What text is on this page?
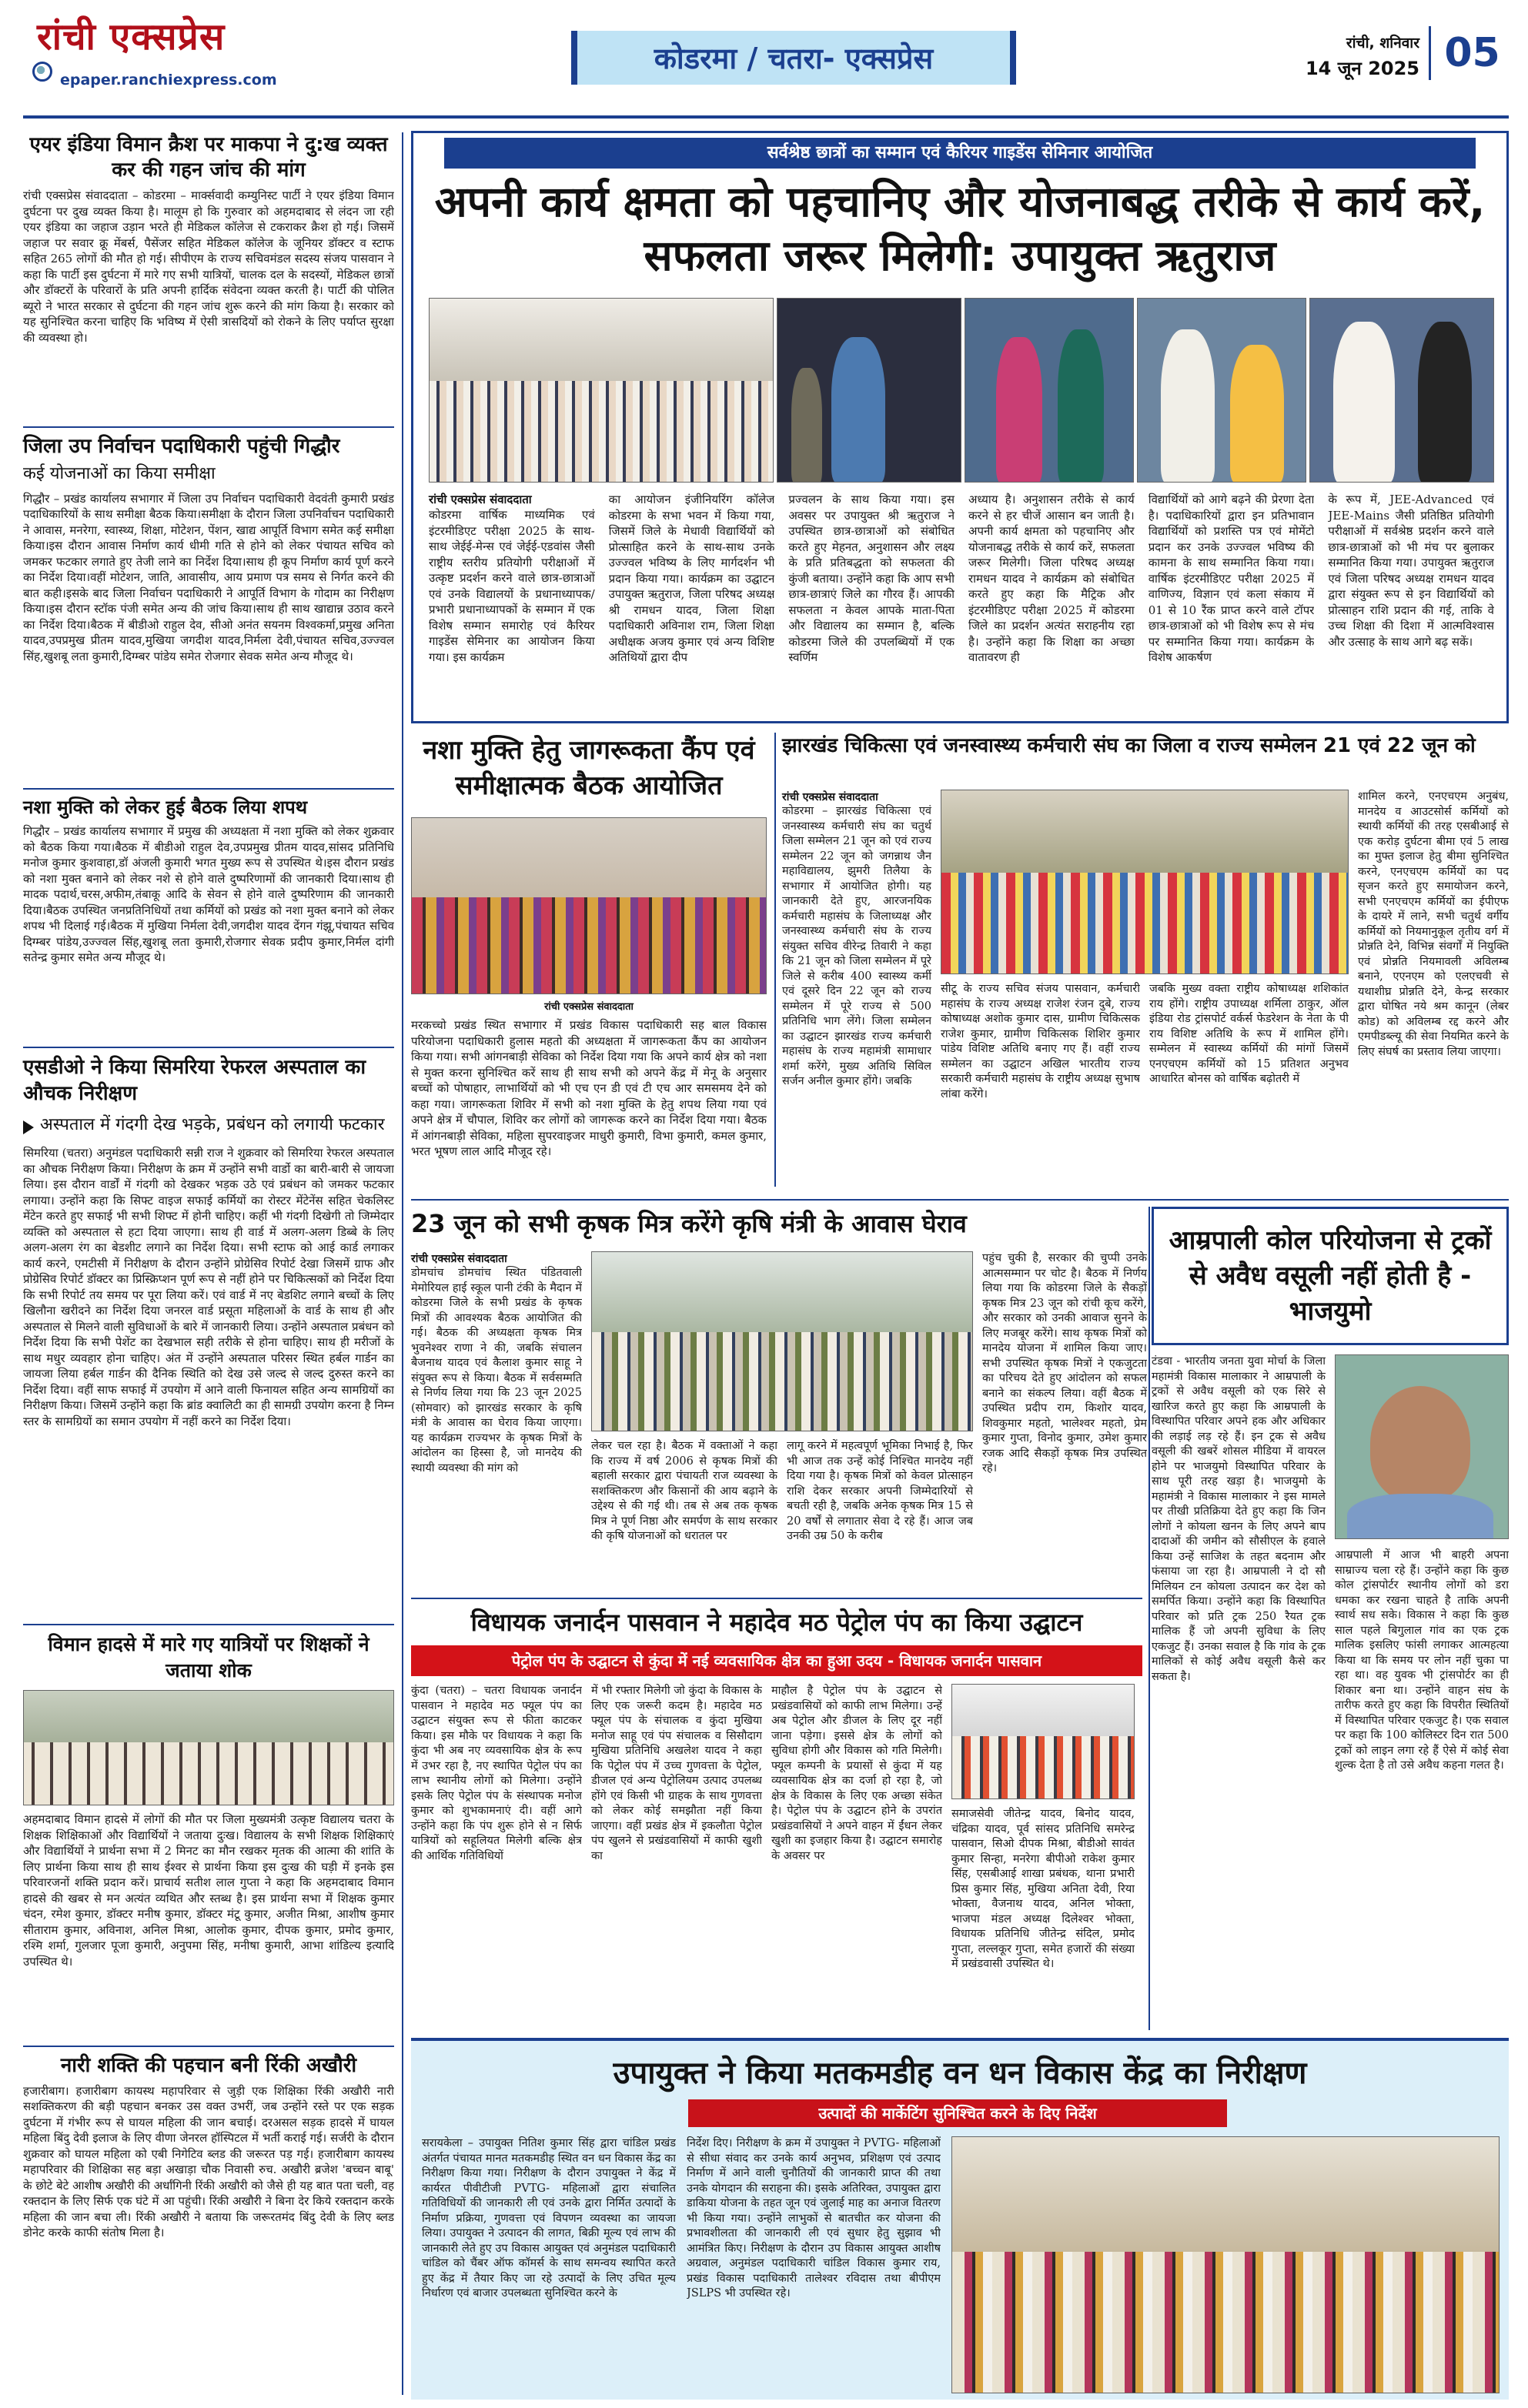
रांची एक्सप्रेस
epaper.ranchiexpress.com
कोडरमा / चतरा- एक्सप्रेस	रांची, शनिवार
14 जून 2025 05
एयर इंडिया विमान क्रैश पर माकपा ने दु:ख व्यक्त कर की गहन जांच की मांग
रांची एक्सप्रेस संवाददाता – कोडरमा – मार्क्सवादी कम्युनिस्ट पार्टी ने एयर इंडिया विमान दुर्घटना पर दुख व्यक्त किया है। मालूम हो कि गुरुवार को अहमदाबाद से लंदन जा रही एयर इंडिया का जहाज उड़ान भरते ही मेडिकल कॉलेज से टकराकर क्रैश हो गई। जिसमें जहाज पर सवार क्रू मेंबर्स, पैसेंजर सहित मेडिकल कॉलेज के जूनियर डॉक्टर व स्टाफ सहित 265 लोगों की मौत हो गई। सीपीएम के राज्य सचिवमंडल सदस्य संजय पासवान ने कहा कि पार्टी इस दुर्घटना में मारे गए सभी यात्रियों, चालक दल के सदस्यों, मेडिकल छात्रों और डॉक्टरों के परिवारों के प्रति अपनी हार्दिक संवेदना व्यक्त करती है। पार्टी की पोलित ब्यूरो ने भारत सरकार से दुर्घटना की गहन जांच शुरू करने की मांग किया है। सरकार को यह सुनिश्चित करना चाहिए कि भविष्य में ऐसी त्रासदियों को रोकने के लिए पर्याप्त सुरक्षा की व्यवस्था हो।
जिला उप निर्वाचन पदाधिकारी पहुंची गिद्धौर
कई योजनाओं का किया समीक्षा
गिद्धौर – प्रखंड कार्यालय सभागार में जिला उप निर्वाचन पदाधिकारी वेदवंती कुमारी प्रखंड पदाधिकारियों के साथ समीक्षा बैठक किया।समीक्षा के दौरान जिला उपनिर्वाचन पदाधिकारी ने आवास, मनरेगा, स्वास्थ्य, शिक्षा, मोटेशन, पेंशन, खाद्य आपूर्ति विभाग समेत कई समीक्षा किया।इस दौरान आवास निर्माण कार्य धीमी गति से होने को लेकर पंचायत सचिव को जमकर फटकार लगाते हुए तेजी लाने का निर्देश दिया।साथ ही कूप निर्माण कार्य पूर्ण करने का निर्देश दिया।वहीं मोटेशन, जाति, आवासीय, आय प्रमाण पत्र समय से निर्गत करने की बात कही।इसके बाद जिला निर्वाचन पदाधिकारी ने आपूर्ति विभाग के गोदाम का निरीक्षण किया।इस दौरान स्टॉक पंजी समेत अन्य की जांच किया।साथ ही साथ खाद्यान्न उठाव करने का निर्देश दिया।बैठक में बीडीओ राहुल देव, सीओ अनंत सयनम विश्वकर्मा,प्रमुख अनिता यादव,उपप्रमुख प्रीतम यादव,मुखिया जगदीश यादव,निर्मला देवी,पंचायत सचिव,उज्ज्वल सिंह,खुशबू लता कुमारी,दिग्म्बर पांडेय समेत रोजगार सेवक समेत अन्य मौजूद थे।
नशा मुक्ति को लेकर हुई बैठक लिया शपथ
गिद्धौर – प्रखंड कार्यालय सभागार में प्रमुख की अध्यक्षता में नशा मुक्ति को लेकर शुक्रवार को बैठक किया गया।बैठक में बीडीओ राहुल देव,उपप्रमुख प्रीतम यादव,सांसद प्रतिनिधि मनोज कुमार कुशवाहा,डॉ अंजली कुमारी भगत मुख्य रूप से उपस्थित थे।इस दौरान प्रखंड को नशा मुक्त बनाने को लेकर नशे से होने वाले दुष्परिणामों की जानकारी दिया।साथ ही मादक पदार्थ,चरस,अफीम,तंबाकू आदि के सेवन से होने वाले दुष्परिणाम की जानकारी दिया।बैठक उपस्थित जनप्रतिनिधियों तथा कर्मियों को प्रखंड को नशा मुक्त बनाने को लेकर शपथ भी दिलाई गई।बैठक में मुखिया निर्मला देवी,जगदीश यादव देंगन गंझू,पंचायत सचिव दिग्म्बर पांडेय,उज्ज्वल सिंह,खुशबू लता कुमारी,रोजगार सेवक प्रदीप कुमार,निर्मल दांगी सतेन्द्र कुमार समेत अन्य मौजूद थे।
एसडीओ ने किया सिमरिया रेफरल अस्पताल का औचक निरीक्षण
अस्पताल में गंदगी देख भड़के, प्रबंधन को लगायी फटकार
सिमरिया (चतरा) अनुमंडल पदाधिकारी सन्नी राज ने शुक्रवार को सिमरिया रेफरल अस्पताल का औचक निरीक्षण किया। निरीक्षण के क्रम में उन्होंने सभी वार्डो का बारी-बारी से जायजा लिया। इस दौरान वार्डों में गंदगी को देखकर भड़क उठे एवं प्रबंधन को जमकर फटकार लगाया। उन्होंने कहा कि सिफ्ट वाइज सफाई कर्मियों का रोस्टर मेंटेनेंस सहित चेकलिस्ट मेंटेन करते हुए सफाई भी सभी शिफ्ट में होनी चाहिए। कहीं भी गंदगी दिखेगी तो जिम्मेदार व्यक्ति को अस्पताल से हटा दिया जाएगा। साथ ही वार्ड में अलग-अलग डिब्बे के लिए अलग-अलग रंग का बेडशीट लगाने का निर्देश दिया। सभी स्टाफ को आई कार्ड लगाकर कार्य करने, एमटीसी में निरीक्षण के दौरान उन्होंने प्रोग्रेसिव रिपोर्ट देखा जिसमें ग्राफ और प्रोग्रेसिव रिपोर्ट डॉक्टर का प्रिस्क्रिप्शन पूर्ण रूप से नहीं होने पर चिकित्सकों को निर्देश दिया कि सभी रिपोर्ट तय समय पर पूरा लिया करें। एवं वार्ड में नए बेडशिट लगाने बच्चों के लिए खिलौना खरीदने का निर्देश दिया जनरल वार्ड प्रसूता महिलाओं के वार्ड के साथ ही और अस्पताल से मिलने वाली सुविधाओं के बारे में जानकारी लिया। उन्होंने अस्पताल प्रबंधन को निर्देश दिया कि सभी पेशेंट का देखभाल सही तरीके से होना चाहिए। साथ ही मरीजों के साथ मधुर व्यवहार होना चाहिए। अंत में उन्होंने अस्पताल परिसर स्थित हर्बल गार्डन का जायजा लिया हर्बल गार्डन की दैनिक स्थिति को देख उसे जल्द से जल्द दुरुस्त करने का निर्देश दिया। वहीं साफ सफाई में उपयोग में आने वाली फिनायल सहित अन्य सामग्रियों का निरीक्षण किया। जिसमें उन्होंने कहा कि ब्रांड क्वालिटी का ही सामग्री उपयोग करना है निम्न स्तर के सामग्रियों का समान उपयोग में नहीं करने का निर्देश दिया।
विमान हादसे में मारे गए यात्रियों पर शिक्षकों ने जताया शोक
अहमदाबाद विमान हादसे में लोगों की मौत पर जिला मुख्यमंत्री उत्कृष्ट विद्यालय चतरा के शिक्षक शिक्षिकाओं और विद्यार्थियों ने जताया दुःख। विद्यालय के सभी शिक्षक शिक्षिकाएं और विद्यार्थियों ने प्रार्थना सभा में 2 मिनट का मौन रखकर मृतक की आत्मा की शांति के लिए प्रार्थना किया साथ ही साथ ईश्वर से प्रार्थना किया इस दुःख की घड़ी में इनके इस परिवारजनों शक्ति प्रदान करें। प्राचार्य सतीश लाल गुप्ता ने कहा कि अहमदाबाद विमान हादसे की खबर से मन अत्यंत व्यथित और स्तब्ध है। इस प्रार्थना सभा में शिक्षक कुमार चंदन, रमेश कुमार, डॉक्टर मनीष कुमार, डॉक्टर मंटू कुमार, अजीत मिश्रा, आशीष कुमार सीताराम कुमार, अविनाश, अनिल मिश्रा, आलोक कुमार, दीपक कुमार, प्रमोद कुमार, रश्मि शर्मा, गुलजार पूजा कुमारी, अनुपमा सिंह, मनीषा कुमारी, आभा शांडिल्य इत्यादि उपस्थित थे।
नारी शक्ति की पहचान बनी रिंकी अखौरी
हजारीबाग। हजारीबाग कायस्थ महापरिवार से जुड़ी एक शिक्षिका रिंकी अखौरी नारी सशक्तिकरण की बड़ी पहचान बनकर उस वक्त उभरीं, जब उन्होंने रस्ते पर एक सड़क दुर्घटना में गंभीर रूप से घायल महिला की जान बचाई। दरअसल सड़क हादसे में घायल महिला बिंदु देवी इलाज के लिए वीणा जेनरल हॉस्पिटल में भर्ती कराई गई। सर्जरी के दौरान शुक्रवार को घायल महिला को एबी निगेटिव ब्लड की जरूरत पड़ गई। हजारीबाग कायस्थ महापरिवार की शिक्षिका सह बड़ा अखाड़ा चौक निवासी रुच. अखौरी ब्रजेश 'बच्चन बाबू' के छोटे बेटे आशीष अखौरी की अर्धांगिनी रिंकी अखौरी को जैसे ही यह बात पता चली, वह रक्तदान के लिए सिर्फ एक घंटे में आ पहुंची। रिंकी अखौरी ने बिना देर किये रक्तदान करके महिला की जान बचा ली। रिंकी अखौरी ने बताया कि जरूरतमंद बिंदु देवी के लिए ब्लड डोनेट करके काफी संतोष मिला है।
सर्वश्रेष्ठ छात्रों का सम्मान एवं कैरियर गाइडेंस सेमिनार आयोजित
अपनी कार्य क्षमता को पहचानिए और योजनाबद्ध तरीके से कार्य करें, सफलता जरूर मिलेगी: उपायुक्त ऋतुराज
रांची एक्सप्रेस संवाददाता
कोडरमा वार्षिक माध्यमिक एवं इंटरमीडिएट परीक्षा 2025 के साथ-साथ जेईई-मेन्स एवं जेईई-एडवांस जैसी राष्ट्रीय स्तरीय प्रतियोगी परीक्षाओं में उत्कृष्ट प्रदर्शन करने वाले छात्र-छात्राओं एवं उनके विद्यालयों के प्रधानाध्यापक/ प्रभारी प्रधानाध्यापकों के सम्मान में एक विशेष सम्मान समारोह एवं कैरियर गाइडेंस सेमिनार का आयोजन किया गया। इस कार्यक्रम
का आयोजन इंजीनियरिंग कॉलेज कोडरमा के सभा भवन में किया गया, जिसमें जिले के मेधावी विद्यार्थियों को प्रोत्साहित करने के साथ-साथ उनके उज्ज्वल भविष्य के लिए मार्गदर्शन भी प्रदान किया गया। कार्यक्रम का उद्घाटन उपायुक्त ऋतुराज, जिला परिषद अध्यक्ष श्री रामधन यादव, जिला शिक्षा पदाधिकारी अविनाश राम, जिला शिक्षा अधीक्षक अजय कुमार एवं अन्य विशिष्ट अतिथियों द्वारा दीप
प्रज्वलन के साथ किया गया। इस अवसर पर उपायुक्त श्री ऋतुराज ने उपस्थित छात्र-छात्राओं को संबोधित करते हुए मेहनत, अनुशासन और लक्ष्य के प्रति प्रतिबद्धता को सफलता की कुंजी बताया। उन्होंने कहा कि आप सभी छात्र-छात्राएं जिले का गौरव हैं। आपकी सफलता न केवल आपके माता-पिता और विद्यालय का सम्मान है, बल्कि कोडरमा जिले की उपलब्धियों में एक स्वर्णिम
अध्याय है। अनुशासन तरीके से कार्य करने से हर चीजें आसान बन जाती है। अपनी कार्य क्षमता को पहचानिए और योजनाबद्ध तरीके से कार्य करें, सफलता जरूर मिलेगी। जिला परिषद अध्यक्ष रामधन यादव ने कार्यक्रम को संबोधित करते हुए कहा कि मैट्रिक और इंटरमीडिएट परीक्षा 2025 में कोडरमा जिले का प्रदर्शन अत्यंत सराहनीय रहा है। उन्होंने कहा कि शिक्षा का अच्छा वातावरण ही
विद्यार्थियों को आगे बढ़ने की प्रेरणा देता है। पदाधिकारियों द्वारा इन प्रतिभावान विद्यार्थियों को प्रशस्ति पत्र एवं मोमेंटो प्रदान कर उनके उज्ज्वल भविष्य की कामना के साथ सम्मानित किया गया। वार्षिक इंटरमीडिएट परीक्षा 2025 में वाणिज्य, विज्ञान एवं कला संकाय में 01 से 10 रैंक प्राप्त करने वाले टॉपर छात्र-छात्राओं को भी विशेष रूप से मंच पर सम्मानित किया गया। कार्यक्रम के विशेष आकर्षण
के रूप में, JEE-Advanced एवं JEE-Mains जैसी प्रतिष्ठित प्रतियोगी परीक्षाओं में सर्वश्रेष्ठ प्रदर्शन करने वाले छात्र-छात्राओं को भी मंच पर बुलाकर सम्मानित किया गया। उपायुक्त ऋतुराज एवं जिला परिषद अध्यक्ष रामधन यादव द्वारा संयुक्त रूप से इन विद्यार्थियों को प्रोत्साहन राशि प्रदान की गई, ताकि वे उच्च शिक्षा की दिशा में आत्मविश्वास और उत्साह के साथ आगे बढ़ सकें।
नशा मुक्ति हेतु जागरूकता कैंप एवं समीक्षात्मक बैठक आयोजित
रांची एक्सप्रेस संवाददाता
मरकच्चो प्रखंड स्थित सभागार में प्रखंड विकास पदाधिकारी सह बाल विकास परियोजना पदाधिकारी हुलास महतो की अध्यक्षता में जागरूकता कैंप का आयोजन किया गया। सभी आंगनबाड़ी सेविका को निर्देश दिया गया कि अपने कार्य क्षेत्र को नशा से मुक्त करना सुनिश्चित करें साथ ही साथ सभी को अपने केंद्र में मेनू के अनुसार बच्चों को पोषाहार, लाभार्थियों को भी एच एन डी एवं टी एच आर समसमय देने को कहा गया। जागरूकता शिविर में सभी को नशा मुक्ति के हेतु शपथ लिया गया एवं अपने क्षेत्र में चौपाल, शिविर कर लोगों को जागरूक करने का निर्देश दिया गया। बैठक में आंगनबाड़ी सेविका, महिला सुपरवाइजर माधुरी कुमारी, विभा कुमारी, कमल कुमार, भरत भूषण लाल आदि मौजूद रहे।
झारखंड चिकित्सा एवं जनस्वास्थ्य कर्मचारी संघ का जिला व राज्य सम्मेलन 21 एवं 22 जून को
रांची एक्सप्रेस संवाददाता
कोडरमा – झारखंड चिकित्सा एवं जनस्वास्थ्य कर्मचारी संघ का चतुर्थ जिला सम्मेलन 21 जून को एवं राज्य सम्मेलन 22 जून को जगन्नाथ जैन महाविद्यालय, झुमरी तिलैया के सभागार में आयोजित होगी। यह जानकारी देते हुए, आरजनयिक कर्मचारी महासंघ के जिलाध्यक्ष और जनस्वास्थ्य कर्मचारी संघ के राज्य संयुक्त सचिव वीरेन्द्र तिवारी ने कहा कि 21 जून को जिला सम्मेलन में पूरे जिले से करीब 400 स्वास्थ्य कर्मी एवं दूसरे दिन 22 जून को राज्य सम्मेलन में पूरे राज्य से 500 प्रतिनिधि भाग लेंगे। जिला सम्मेलन का उद्घाटन झारखंड राज्य कर्मचारी महासंघ के राज्य महामंत्री सामाधार शर्मा करेंगे, मुख्य अतिथि सिविल सर्जन अनील कुमार होंगे। जबकि
सीटू के राज्य सचिव संजय पासवान, कर्मचारी महासंघ के राज्य अध्यक्ष राजेश रंजन दुबे, राज्य कोषाध्यक्ष अशोक कुमार दास, ग्रामीण चिकित्सक राजेश कुमार, ग्रामीण चिकित्सक शिशिर कुमार पांडेय विशिष्ट अतिथि बनाए गए हैं। वहीं राज्य सम्मेलन का उद्घाटन अखिल भारतीय राज्य सरकारी कर्मचारी महासंघ के राष्ट्रीय अध्यक्ष सुभाष लांबा करेंगे।
जबकि मुख्य वक्ता राष्ट्रीय कोषाध्यक्ष शशिकांत राय होंगे। राष्ट्रीय उपाध्यक्ष शर्मिला ठाकुर, ऑल इंडिया रोड ट्रांसपोर्ट वर्कर्स फेडरेशन के नेता के पी राय विशिष्ट अतिथि के रूप में शामिल होंगे। सम्मेलन में स्वास्थ्य कर्मियों की मांगों जिसमें एनएचएम कर्मियों को 15 प्रतिशत अनुभव आधारित बोनस को वार्षिक बढ़ोतरी में
शामिल करने, एनएचएम अनुबंध, मानदेय व आउटसोर्स कर्मियों को स्थायी कर्मियों की तरह एसबीआई से एक करोड़ दुर्घटना बीमा एवं 5 लाख का मुफ्त इलाज हेतु बीमा सुनिश्चित करने, एनएचएम कर्मियों का पद सृजन करते हुए समायोजन करने, सभी एनएचएम कर्मियों का ईपीएफ के दायरे में लाने, सभी चतुर्थ वर्गीय कर्मियों को नियमानुकूल तृतीय वर्ग में प्रोन्नति देने, विभिन्न संवर्गों में नियुक्ति एवं प्रोन्नति नियमावली अविलम्ब बनाने, एएनएम को एलएचवी से यथाशीघ्र प्रोन्नति देने, केन्द्र सरकार द्वारा घोषित नये श्रम कानून (लेबर कोड) को अविलम्ब रद्द करने और एमपीडब्ल्यू की सेवा नियमित करने के लिए संघर्ष का प्रस्ताव लिया जाएगा।
23 जून को सभी कृषक मित्र करेंगे कृषि मंत्री के आवास घेराव
रांची एक्सप्रेस संवाददाता
डोमचांच डोमचांच स्थित पंडितवाली मेमोरियल हाई स्कूल पानी टंकी के मैदान में कोडरमा जिले के सभी प्रखंड के कृषक मित्रों की आवश्यक बैठक आयोजित की गई। बैठक की अध्यक्षता कृषक मित्र भुवनेश्वर राणा ने की, जबकि संचालन बैजनाथ यादव एवं कैलाश कुमार साहू ने संयुक्त रूप से किया। बैठक में सर्वसम्मति से निर्णय लिया गया कि 23 जून 2025 (सोमवार) को झारखंड सरकार के कृषि मंत्री के आवास का घेराव किया जाएगा। यह कार्यक्रम राज्यभर के कृषक मित्रों के आंदोलन का हिस्सा है, जो मानदेय की स्थायी व्यवस्था की मांग को
लेकर चल रहा है। बैठक में वक्ताओं ने कहा कि राज्य में वर्ष 2006 से कृषक मित्रों की बहाली सरकार द्वारा पंचायती राज व्यवस्था के सशक्तिकरण और किसानों की आय बढ़ाने के उद्देश्य से की गई थी। तब से अब तक कृषक मित्र ने पूर्ण निष्ठा और समर्पण के साथ सरकार की कृषि योजनाओं को धरातल पर
लागू करने में महत्वपूर्ण भूमिका निभाई है, फिर भी आज तक उन्हें कोई निश्चित मानदेय नहीं दिया गया है। कृषक मित्रों को केवल प्रोत्साहन राशि देकर सरकार अपनी जिम्मेदारियों से बचती रही है, जबकि अनेक कृषक मित्र 15 से 20 वर्षों से लगातार सेवा दे रहे हैं। आज जब उनकी उम्र 50 के करीब
पहुंच चुकी है, सरकार की चुप्पी उनके आत्मसम्मान पर चोट है। बैठक में निर्णय लिया गया कि कोडरमा जिले के सैकड़ों कृषक मित्र 23 जून को रांची कूच करेंगे, और सरकार को उनकी आवाज सुनने के लिए मजबूर करेंगे। साथ कृषक मित्रों को मानदेय योजना में शामिल किया जाए। सभी उपस्थित कृषक मित्रों ने एकजुटता का परिचय देते हुए आंदोलन को सफल बनाने का संकल्प लिया। वहीं बैठक में उपस्थित प्रदीप राम, किशोर यादव, शिवकुमार महतो, भालेश्वर महतो, प्रेम कुमार गुप्ता, विनोद कुमार, उमेश कुमार रजक आदि सैकड़ों कृषक मित्र उपस्थित रहे।
आम्रपाली कोल परियोजना से ट्रकों से अवैध वसूली नहीं होती है - भाजयुमो
टंडवा - भारतीय जनता युवा मोर्चा के जिला महामंत्री विकास मालाकार ने आम्रपाली के ट्रकों से अवैध वसूली को एक सिरे से खारिज करते हुए कहा कि आम्रपाली के विस्थापित परिवार अपने हक और अधिकार की लड़ाई लड़ रहे हैं। इन ट्रक से अवैध वसूली की खबरें शोसल मीडिया में वायरल होने पर भाजयुमो विस्थापित परिवार के साथ पूरी तरह खड़ा है। भाजयुमो के महामंत्री ने विकास मालाकार ने इस मामले पर तीखी प्रतिक्रिया देते हुए कहा कि जिन लोगों ने कोयला खनन के लिए अपने बाप दादाओं की जमीन को सौसीएल के हवाले किया उन्हें साजिश के तहत बदनाम और फंसाया जा रहा है। आम्रपाली ने दो सौ मिलियन टन कोयला उत्पादन कर देश को समर्पित किया। उन्होंने कहा कि विस्थापित परिवार को प्रति ट्रक 250 रैयत ट्रक मालिक हैं जो अपनी सुविधा के लिए एकजुट हैं। उनका सवाल है कि गांव के ट्रक मालिकों से कोई अवैध वसूली कैसे कर सकता है।
आम्रपाली में आज भी बाहरी अपना साम्राज्य चला रहे हैं। उन्होंने कहा कि कुछ कोल ट्रांसपोर्टर स्थानीय लोगों को डरा धमका कर रखना चाहते है ताकि अपनी स्वार्थ सध सके। विकास ने कहा कि कुछ साल पहले बिगुलाल गांव का एक ट्रक मालिक इसलिए फांसी लगाकर आत्महत्या किया था कि समय पर लोन नहीं चुका पा रहा था। वह युवक भी ट्रांसपोर्टर का ही शिकार बना था। उन्होंने वाहन संघ के तारीफ करते हुए कहा कि विपरीत स्थितियों में विस्थापित परिवार एकजुट है। एक सवाल पर कहा कि 100 कोलिस्टर दिन रात 500 ट्रकों को लाइन लगा रहे हैं ऐसे में कोई सेवा शुल्क देता है तो उसे अवैध कहना गलत है।
विधायक जनार्दन पासवान ने महादेव मठ पेट्रोल पंप का किया उद्घाटन
पेट्रोल पंप के उद्घाटन से कुंदा में नई व्यवसायिक क्षेत्र का हुआ उदय - विधायक जनार्दन पासवान
कुंदा (चतरा) – चतरा विधायक जनार्दन पासवान ने महादेव मठ फ्यूल पंप का उद्घाटन संयुक्त रूप से फीता काटकर किया। इस मौके पर विधायक ने कहा कि कुंदा भी अब नए व्यवसायिक क्षेत्र के रूप में उभर रहा है, नए स्थापित पेट्रोल पंप का लाभ स्थानीय लोगों को मिलेगा। उन्होंने इसके लिए पेट्रोल पंप के संस्थापक मनोज कुमार को शुभकामनाएं दी। वहीं आगे उन्होंने कहा कि पंप शुरू होने से न सिर्फ यात्रियों को सहूलियत मिलेगी बल्कि क्षेत्र की आर्थिक गतिविधियों
में भी रफ्तार मिलेगी जो कुंदा के विकास के लिए एक जरूरी कदम है। महादेव मठ फ्यूल पंप के संचालक व कुंदा मुखिया मनोज साहू एवं पंप संचालक व सिसौदाग मुखिया प्रतिनिधि अखलेश यादव ने कहा कि पेट्रोल पंप में उच्च गुणवत्ता के पेट्रोल, डीजल एवं अन्य पेट्रोलियम उत्पाद उपलब्ध होंगे एवं किसी भी ग्राहक के साथ गुणवत्ता को लेकर कोई समझौता नहीं किया जाएगा। वहीं प्रखंड क्षेत्र में इकलौता पेट्रोल पंप खुलने से प्रखंडवासियों में काफी खुशी का
माहौल है पेट्रोल पंप के उद्घाटन से प्रखंडवासियों को काफी लाभ मिलेगा। उन्हें अब पेट्रोल और डीजल के लिए दूर नहीं जाना पड़ेगा। इससे क्षेत्र के लोगों को सुविधा होगी और विकास को गति मिलेगी। फ्यूल कम्पनी के प्रयासों से कुंदा में यह व्यवसायिक क्षेत्र का दर्जा हो रहा है, जो क्षेत्र के विकास के लिए एक अच्छा संकेत है। पेट्रोल पंप के उद्घाटन होने के उपरांत प्रखंडवासियों ने अपने वाहन में ईंधन लेकर खुशी का इजहार किया है। उद्घाटन समारोह के अवसर पर
समाजसेवी जीतेन्द्र यादव, बिनोद यादव, चंद्रिका यादव, पूर्व सांसद प्रतिनिधि समरेन्द्र पासवान, सिओ दीपक मिश्रा, बीडीओ सावंत कुमार सिन्हा, मनरेगा बीपीओ राकेश कुमार सिंह, एसबीआई शाखा प्रबंधक, थाना प्रभारी प्रिस कुमार सिंह, मुखिया अनिता देवी, रिया भोक्ता, वैजनाथ यादव, अनिल भोक्ता, भाजपा मंडल अध्यक्ष दिलेश्वर भोक्ता, विधायक प्रतिनिधि जीतेन्द्र संदिल, प्रमोद गुप्ता, लल्लकूर गुप्ता, समेत हजारों की संख्या में प्रखंडवासी उपस्थित थे।
उपायुक्त ने किया मतकमडीह वन धन विकास केंद्र का निरीक्षण
उत्पादों की मार्केटिंग सुनिश्चित करने के दिए निर्देश
सरायकेला – उपायुक्त नितिश कुमार सिंह द्वारा चांडिल प्रखंड अंतर्गत पंचायत मानत मतकमडीह स्थित वन धन विकास केंद्र का निरीक्षण किया गया। निरीक्षण के दौरान उपायुक्त ने केंद्र में कार्यरत पीवीटीजी PVTG- महिलाओं द्वारा संचालित गतिविधियों की जानकारी ली एवं उनके द्वारा निर्मित उत्पादों के निर्माण प्रक्रिया, गुणवत्ता एवं विपणन व्यवस्था का जायजा लिया। उपायुक्त ने उत्पादन की लागत, बिक्री मूल्य एवं लाभ की जानकारी लेते हुए उप विकास आयुक्त एवं अनुमंडल पदाधिकारी चांडिल को चैंबर ऑफ कॉमर्स के साथ समन्वय स्थापित करते हुए केंद्र में तैयार किए जा रहे उत्पादों के लिए उचित मूल्य निर्धारण एवं बाजार उपलब्धता सुनिश्चित करने के
निर्देश दिए। निरीक्षण के क्रम में उपायुक्त ने PVTG- महिलाओं से सीधा संवाद कर उनके कार्य अनुभव, प्रशिक्षण एवं उत्पाद निर्माण में आने वाली चुनौतियों की जानकारी प्राप्त की तथा उनके योगदान की सराहना की। इसके अतिरिक्त, उपायुक्त द्वारा डाकिया योजना के तहत जून एवं जुलाई माह का अनाज वितरण भी किया गया। उन्होंने लाभुकों से बातचीत कर योजना की प्रभावशीलता की जानकारी ली एवं सुधार हेतु सुझाव भी आमंत्रित किए। निरीक्षण के दौरान उप विकास आयुक्त आशीष अग्रवाल, अनुमंडल पदाधिकारी चांडिल विकास कुमार राय, प्रखंड विकास पदाधिकारी तालेश्वर रविदास तथा बीपीएम JSLPS भी उपस्थित रहे।
